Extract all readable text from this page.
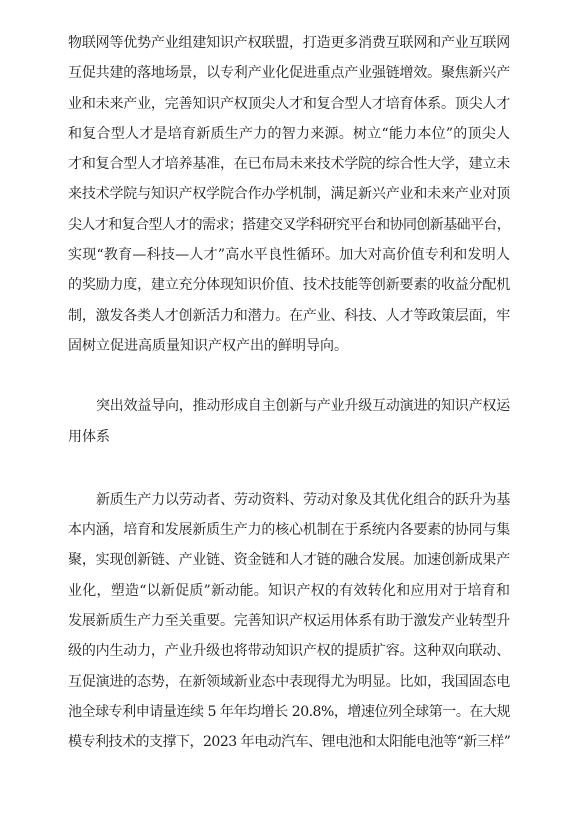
物联网等优势产业组建知识产权联盟，打造更多消费互联网和产业互联网
互促共建的落地场景，以专利产业化促进重点产业强链增效。聚焦新兴产
业和未来产业，完善知识产权顶尖人才和复合型人才培育体系。顶尖人才
和复合型人才是培育新质生产力的智力来源。树立“能力本位”的顶尖人
才和复合型人才培养基准，在已布局未来技术学院的综合性大学，建立未
来技术学院与知识产权学院合作办学机制，满足新兴产业和未来产业对顶
尖人才和复合型人才的需求；搭建交叉学科研究平台和协同创新基础平台，
实现“教育—科技—人才”高水平良性循环。加大对高价值专利和发明人
的奖励力度，建立充分体现知识价值、技术技能等创新要素的收益分配机
制，激发各类人才创新活力和潜力。在产业、科技、人才等政策层面，牢
固树立促进高质量知识产权产出的鲜明导向。
突出效益导向，推动形成自主创新与产业升级互动演进的知识产权运
用体系
新质生产力以劳动者、劳动资料、劳动对象及其优化组合的跃升为基
本内涵，培育和发展新质生产力的核心机制在于系统内各要素的协同与集
聚，实现创新链、产业链、资金链和人才链的融合发展。加速创新成果产
业化，塑造“以新促质”新动能。知识产权的有效转化和应用对于培育和
发展新质生产力至关重要。完善知识产权运用体系有助于激发产业转型升
级的内生动力，产业升级也将带动知识产权的提质扩容。这种双向联动、
互促演进的态势，在新领域新业态中表现得尤为明显。比如，我国固态电
池全球专利申请量连续 5 年年均增长 20.8%，增速位列全球第一。在大规
模专利技术的支撑下，2023 年电动汽车、锂电池和太阳能电池等“新三样”
